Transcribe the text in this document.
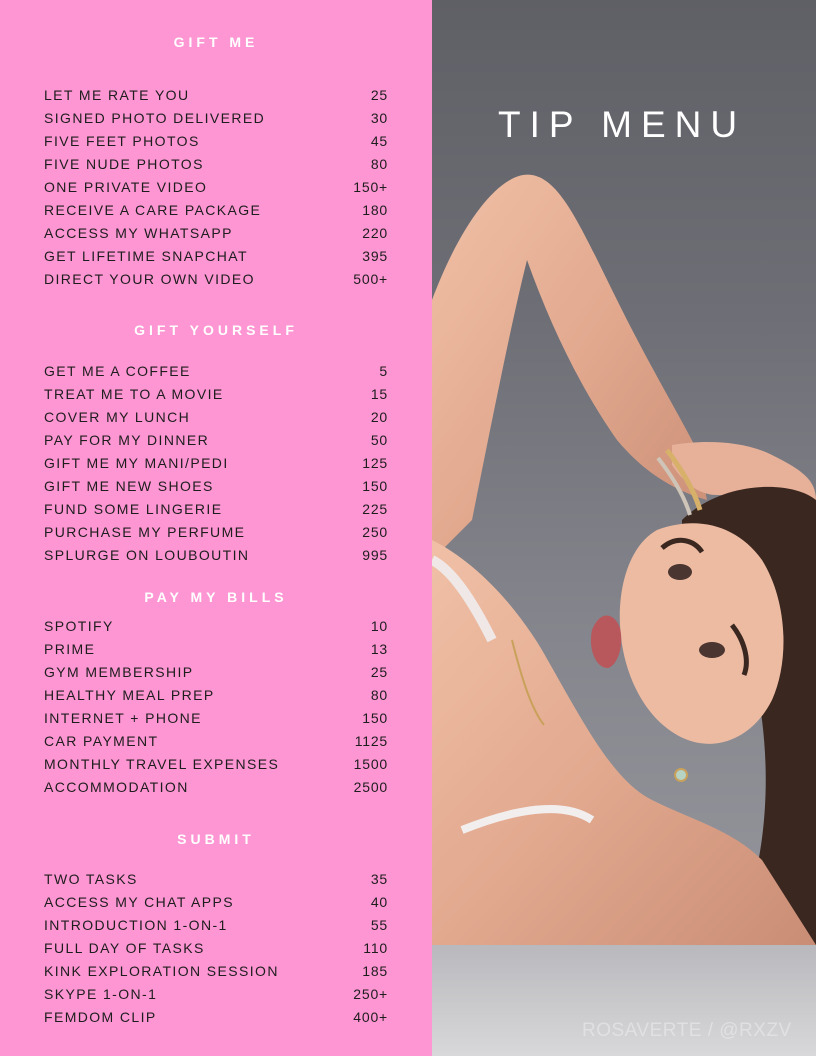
GIFT ME
LET ME RATE YOU	25
SIGNED PHOTO DELIVERED	30
FIVE FEET PHOTOS	45
FIVE NUDE PHOTOS	80
ONE PRIVATE VIDEO	150+
RECEIVE A CARE PACKAGE	180
ACCESS MY WHATSAPP	220
GET LIFETIME SNAPCHAT	395
DIRECT YOUR OWN VIDEO	500+
GIFT YOURSELF
GET ME A COFFEE	5
TREAT ME TO A MOVIE	15
COVER MY LUNCH	20
PAY FOR MY DINNER	50
GIFT ME MY MANI/PEDI	125
GIFT ME NEW SHOES	150
FUND SOME LINGERIE	225
PURCHASE MY PERFUME	250
SPLURGE ON LOUBOUTIN	995
PAY MY BILLS
SPOTIFY	10
PRIME	13
GYM MEMBERSHIP	25
HEALTHY MEAL PREP	80
INTERNET + PHONE	150
CAR PAYMENT	1125
MONTHLY TRAVEL EXPENSES	1500
ACCOMMODATION	2500
SUBMIT
TWO TASKS	35
ACCESS MY CHAT APPS	40
INTRODUCTION 1-ON-1	55
FULL DAY OF TASKS	110
KINK EXPLORATION SESSION	185
SKYPE 1-ON-1	250+
FEMDOM CLIP	400+
TIP MENU
ROSAVERTE / @RXZV
